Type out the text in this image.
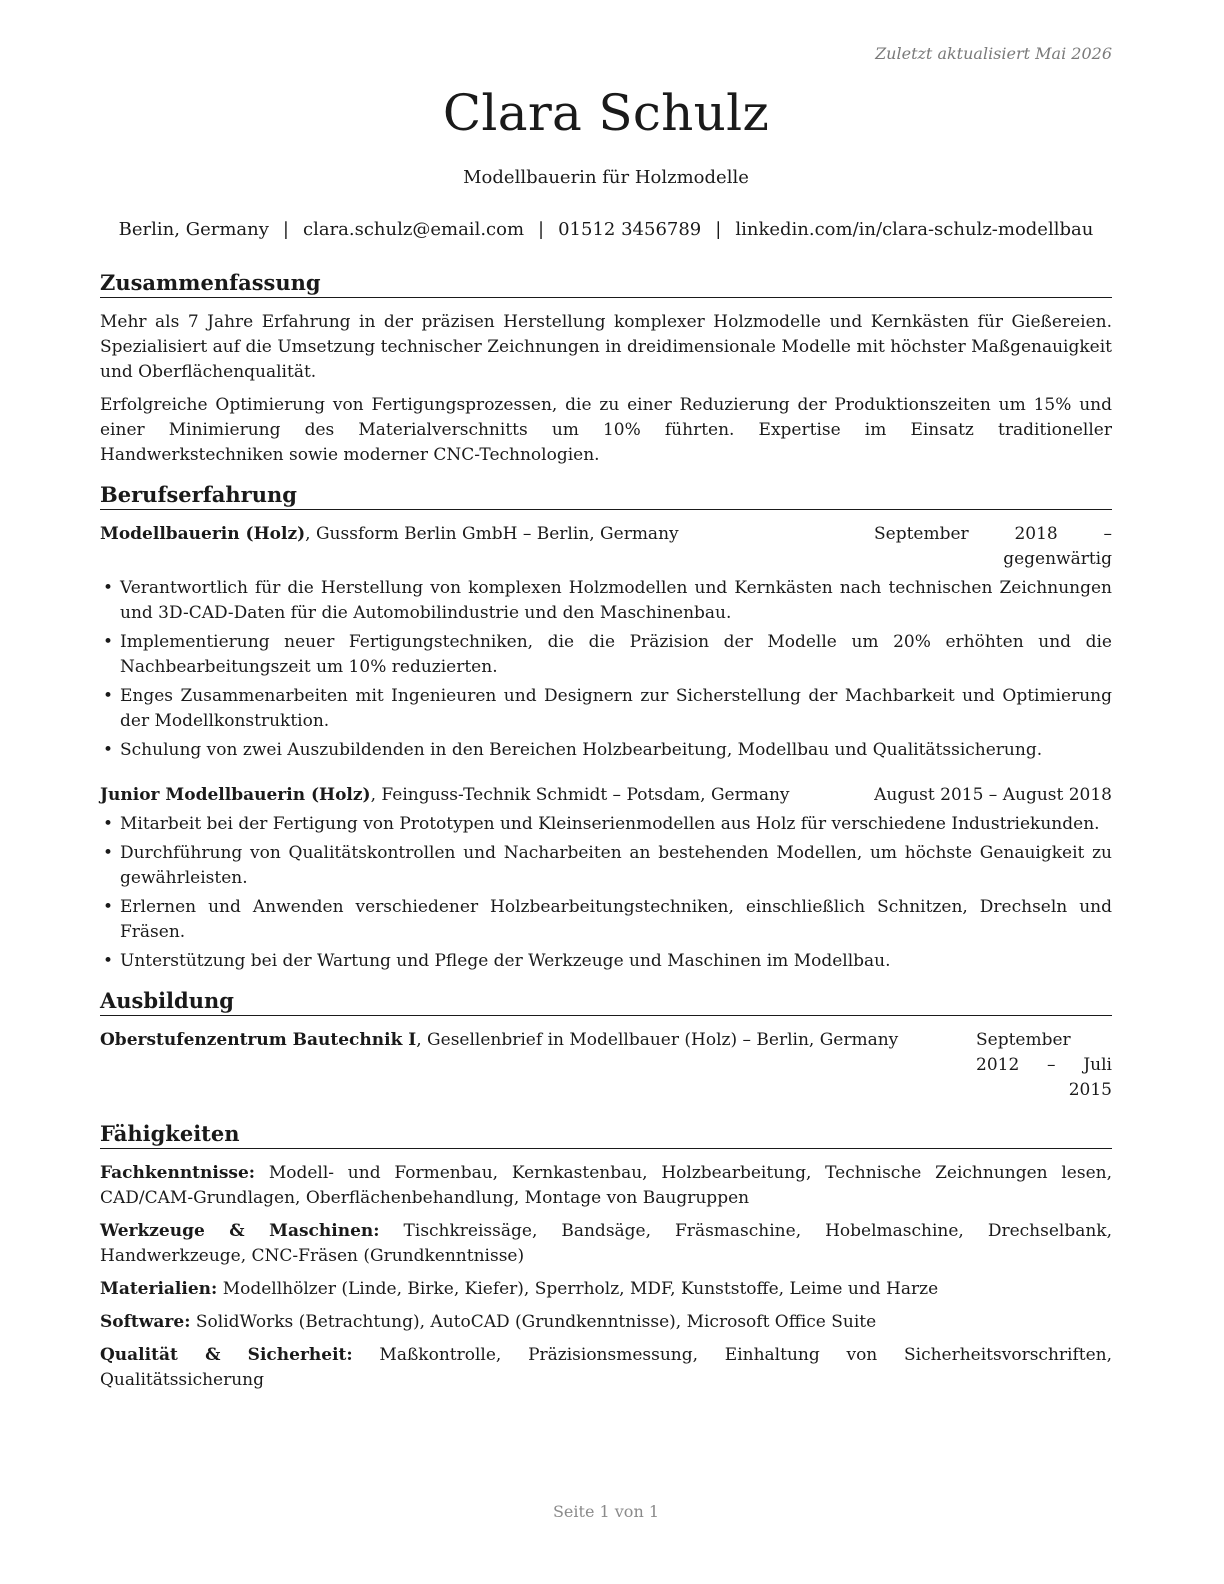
Zuletzt aktualisiert Mai 2026
Clara Schulz
Modellbauerin für Holzmodelle
Berlin, Germany | clara.schulz@email.com | 01512 3456789 | linkedin.com/in/clara-schulz-modellbau
Zusammenfassung

Mehr als 7 Jahre Erfahrung in der präzisen Herstellung komplexer Holzmodelle und Kernkästen für Gießereien. Spezialisiert auf die Umsetzung technischer Zeichnungen in dreidimensionale Modelle mit höchster Maßgenauigkeit und Oberflächenqualität.

Erfolgreiche Optimierung von Fertigungsprozessen, die zu einer Reduzierung der Produktionszeiten um 15% und einer Minimierung des Materialverschnitts um 10% führten. Expertise im Einsatz traditioneller Handwerkstechniken sowie moderner CNC-Technologien.

Berufserfahrung
Modellbauerin (Holz), Gussform Berlin GmbH – Berlin, Germany	September 2018 – gegenwärtig
• Verantwortlich für die Herstellung von komplexen Holzmodellen und Kernkästen nach technischen Zeichnungen und 3D-CAD-Daten für die Automobilindustrie und den Maschinenbau.
• Implementierung neuer Fertigungstechniken, die die Präzision der Modelle um 20% erhöhten und die Nachbearbeitungszeit um 10% reduzierten.
• Enges Zusammenarbeiten mit Ingenieuren und Designern zur Sicherstellung der Machbarkeit und Optimierung der Modellkonstruktion.
• Schulung von zwei Auszubildenden in den Bereichen Holzbearbeitung, Modellbau und Qualitätssicherung.
Junior Modellbauerin (Holz), Feinguss-Technik Schmidt – Potsdam, Germany	August 2015 – August 2018
• Mitarbeit bei der Fertigung von Prototypen und Kleinserienmodellen aus Holz für verschiedene Industriekunden.
• Durchführung von Qualitätskontrollen und Nacharbeiten an bestehenden Modellen, um höchste Genauigkeit zu gewährleisten.
• Erlernen und Anwenden verschiedener Holzbearbeitungstechniken, einschließlich Schnitzen, Drechseln und Fräsen.
• Unterstützung bei der Wartung und Pflege der Werkzeuge und Maschinen im Modellbau.
Ausbildung
Oberstufenzentrum Bautechnik I, Gesellenbrief in Modellbauer (Holz) – Berlin, Germany	September 2012 – Juli 2015
Fähigkeiten

Fachkenntnisse: Modell- und Formenbau, Kernkastenbau, Holzbearbeitung, Technische Zeichnungen lesen, CAD/CAM-Grundlagen, Oberflächenbehandlung, Montage von Baugruppen

Werkzeuge & Maschinen: Tischkreissäge, Bandsäge, Fräsmaschine, Hobelmaschine, Drechselbank, Handwerkzeuge, CNC-Fräsen (Grundkenntnisse)

Materialien: Modellhölzer (Linde, Birke, Kiefer), Sperrholz, MDF, Kunststoffe, Leime und Harze

Software: SolidWorks (Betrachtung), AutoCAD (Grundkenntnisse), Microsoft Office Suite

Qualität & Sicherheit: Maßkontrolle, Präzisionsmessung, Einhaltung von Sicherheitsvorschriften, Qualitätssicherung

Seite 1 von 1
